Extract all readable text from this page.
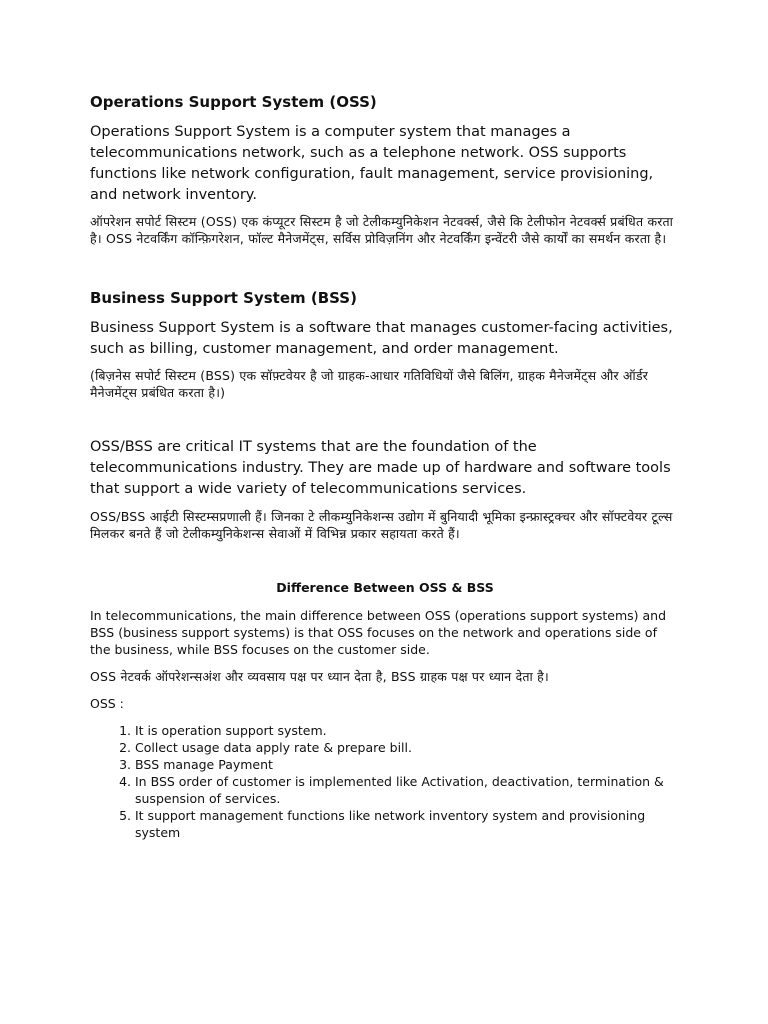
Operations Support System (OSS)

Operations Support System is a computer system that manages a telecommunications network, such as a telephone network. OSS supports functions like network configuration, fault management, service provisioning, and network inventory.

ऑपरेशन सपोर्ट सिस्टम (OSS) एक कंप्यूटर सिस्टम है जो टेलीकम्युनिकेशन नेटवर्क्स, जैसे कि टेलीफोन नेटवर्क्स प्रबंधित करता है। OSS नेटवर्किंग कॉन्फ़िगरेशन, फॉल्ट मैनेजमेंट्स, सर्विस प्रोविज़निंग और नेटवर्किंग इन्वेंटरी जैसे कार्यों का समर्थन करता है।

Business Support System (BSS)

Business Support System is a software that manages customer-facing activities, such as billing, customer management, and order management.

(बिज़नेस सपोर्ट सिस्टम (BSS) एक सॉफ़्टवेयर है जो ग्राहक-आधार गतिविधियों जैसे बिलिंग, ग्राहक मैनेजमेंट्स और ऑर्डर मैनेजमेंट्स प्रबंधित करता है।)

OSS/BSS are critical IT systems that are the foundation of the telecommunications industry. They are made up of hardware and software tools that support a wide variety of telecommunications services.

OSS/BSS आईटी सिस्टम्सप्रणाली हैं। जिनका टे लीकम्युनिकेशन्स उद्योग में बुनियादी भूमिका इन्फ्रास्ट्रक्चर और सॉफ्टवेयर टूल्स मिलकर बनते हैं जो टेलीकम्युनिकेशन्स सेवाओं में विभिन्न प्रकार सहायता करते हैं।

Difference Between OSS & BSS

In telecommunications, the main difference between OSS (operations support systems) and BSS (business support systems) is that OSS focuses on the network and operations side of the business, while BSS focuses on the customer side.

OSS नेटवर्क ऑपरेशन्सअंश और व्यवसाय पक्ष पर ध्यान देता है, BSS ग्राहक पक्ष पर ध्यान देता है।

OSS :

1. It is operation support system.
2. Collect usage data apply rate & prepare bill.
3. BSS manage Payment
4. In BSS order of customer is implemented like Activation, deactivation, termination & suspension of services.
5. It support management functions like network inventory system and provisioning system
